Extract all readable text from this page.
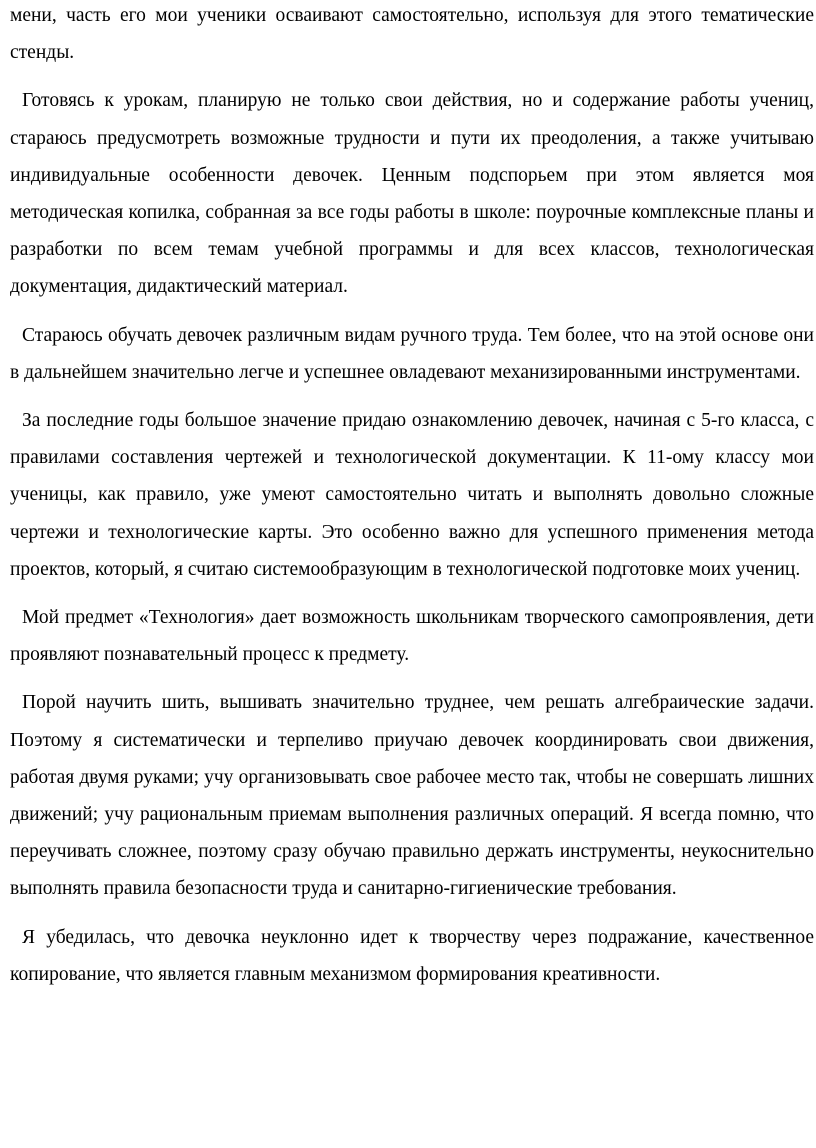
мени, часть его мои ученики осваивают самостоятельно, используя для этого тематические стенды.

Готовясь к урокам, планирую не только свои действия, но и содержание работы учениц, стараюсь предусмотреть возможные трудности и пути их преодоления, а также учитываю индивидуальные особенности девочек. Ценным подспорьем при этом является моя методическая копилка, собранная за все годы работы в школе: поурочные комплексные планы и разработки по всем темам учебной программы и для всех классов, технологическая документация, дидактический материал.

Стараюсь обучать девочек различным видам ручного труда. Тем более, что на этой основе они в дальнейшем значительно легче и успешнее овладевают механизированными инструментами.

За последние годы большое значение придаю ознакомлению девочек, начиная с 5-го класса, с правилами составления чертежей и технологической документации. К 11-ому классу мои ученицы, как правило, уже умеют самостоятельно читать и выполнять довольно сложные чертежи и технологические карты. Это особенно важно для успешного применения метода проектов, который, я считаю системообразующим в технологической подготовке моих учениц.

Мой предмет «Технология» дает возможность школьникам творческого самопроявления, дети проявляют познавательный процесс к предмету.

Порой научить шить, вышивать значительно труднее, чем решать алгебраические задачи. Поэтому я систематически и терпеливо приучаю девочек координировать свои движения, работая двумя руками; учу организовывать свое рабочее место так, чтобы не совершать лишних движений; учу рациональным приемам выполнения различных операций. Я всегда помню, что переучивать сложнее, поэтому сразу обучаю правильно держать инструменты, неукоснительно выполнять правила безопасности труда и санитарно-гигиенические требования.

Я убедилась, что девочка неуклонно идет к творчеству через подражание, качественное копирование, что является главным механизмом формирования креативности.
